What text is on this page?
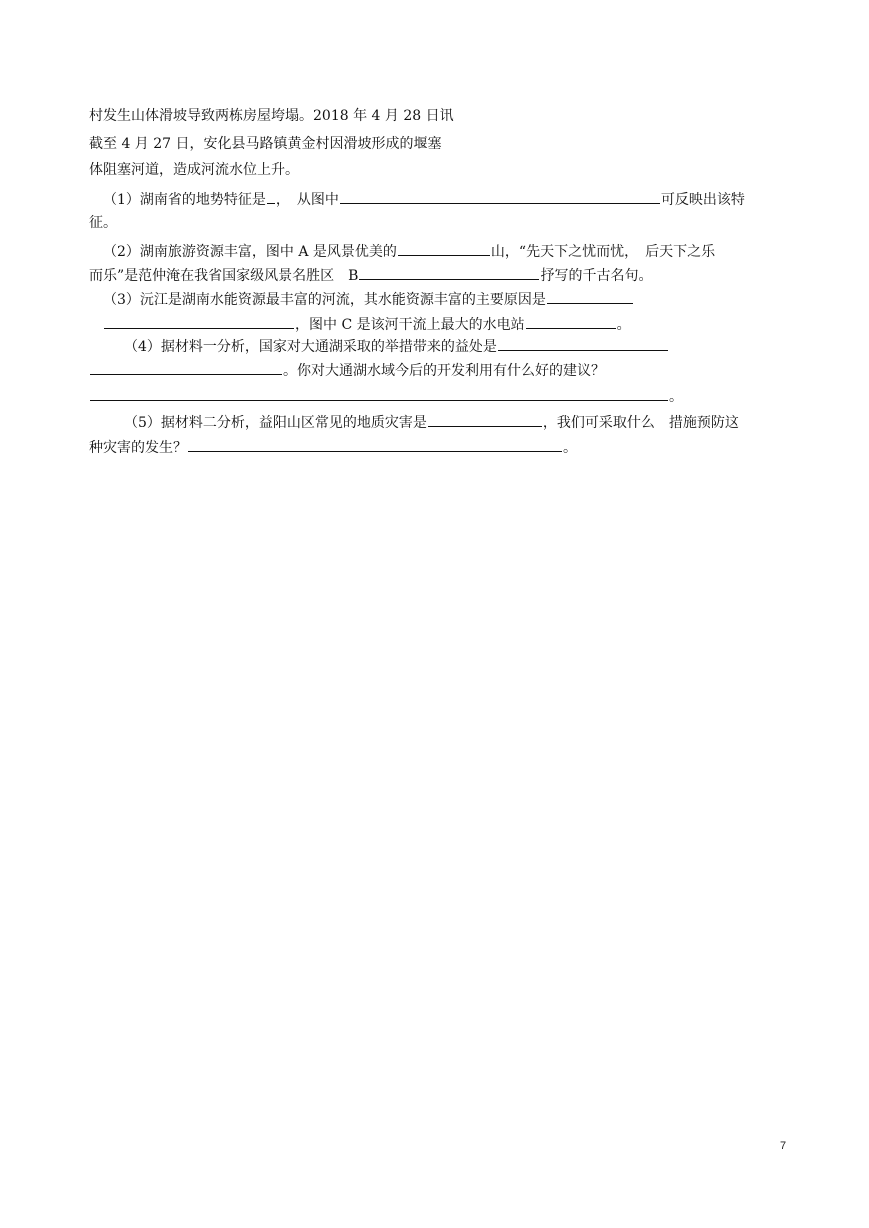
村发生山体滑坡导致两栋房屋垮塌。2018 年 4 月 28 日讯
截至 4 月 27 日，安化县马路镇黄金村因滑坡形成的堰塞
体阻塞河道，造成河流水位上升。
（1）湖南省的地势特征是 ，　从图中	可反映出该特
征。
（2）湖南旅游资源丰富，图中 A 是风景优美的	山，“先天下之忧而忧，　后天下之乐
而乐”是范仲淹在我省国家级风景名胜区　B	抒写的千古名句。
（3）沅江是湖南水能资源最丰富的河流，其水能资源丰富的主要原因是
，图中 C 是该河干流上最大的水电站	。
（4）据材料一分析，国家对大通湖采取的举措带来的益处是
。你对大通湖水域今后的开发利用有什么好的建议？
。
（5）据材料二分析，益阳山区常见的地质灾害是	，我们可采取什么　措施预防这
种灾害的发生？	。
7
